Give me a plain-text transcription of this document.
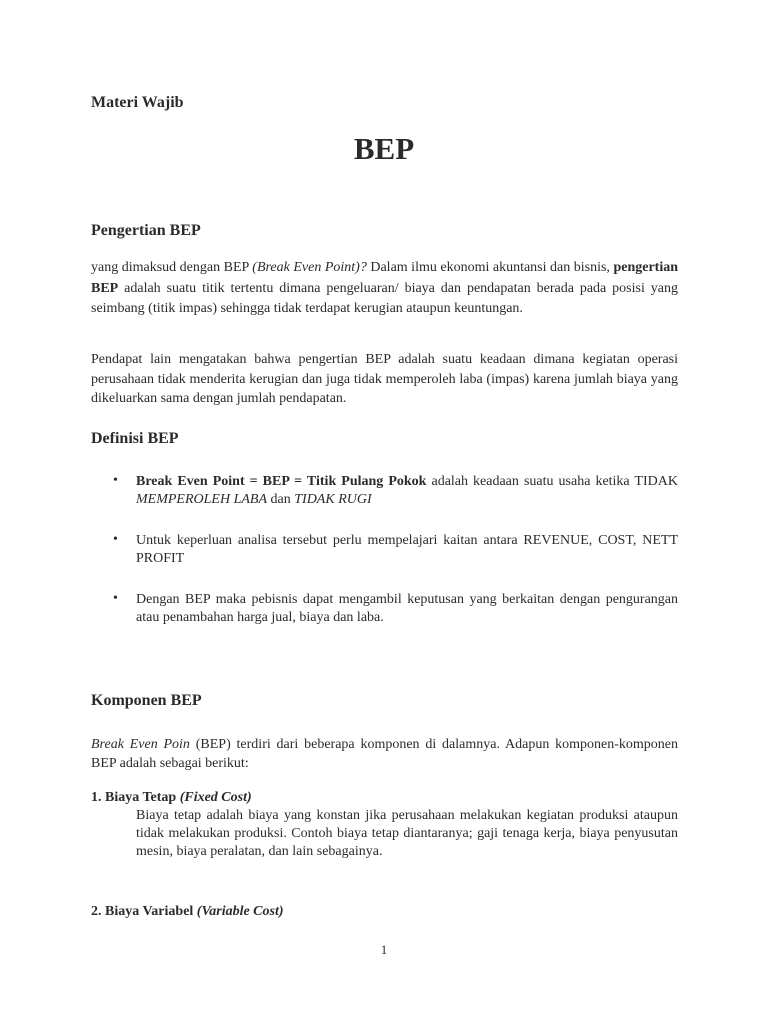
Materi Wajib
BEP
Pengertian BEP
yang dimaksud dengan BEP (Break Even Point)? Dalam ilmu ekonomi akuntansi dan bisnis, pengertian BEP adalah suatu titik tertentu dimana pengeluaran/ biaya dan pendapatan berada pada posisi yang seimbang (titik impas) sehingga tidak terdapat kerugian ataupun keuntungan.
Pendapat lain mengatakan bahwa pengertian BEP adalah suatu keadaan dimana kegiatan operasi perusahaan tidak menderita kerugian dan juga tidak memperoleh laba (impas) karena jumlah biaya yang dikeluarkan sama dengan jumlah pendapatan.
Definisi BEP
• Break Even Point = BEP = Titik Pulang Pokok adalah keadaan suatu usaha ketika TIDAK MEMPEROLEH LABA dan TIDAK RUGI
• Untuk keperluan analisa tersebut perlu mempelajari kaitan antara REVENUE, COST, NETT PROFIT
• Dengan BEP maka pebisnis dapat mengambil keputusan yang berkaitan dengan pengurangan atau penambahan harga jual, biaya dan laba.
Komponen BEP
Break Even Poin (BEP) terdiri dari beberapa komponen di dalamnya. Adapun komponen-komponen BEP adalah sebagai berikut:
1. Biaya Tetap (Fixed Cost)
Biaya tetap adalah biaya yang konstan jika perusahaan melakukan kegiatan produksi ataupun tidak melakukan produksi. Contoh biaya tetap diantaranya; gaji tenaga kerja, biaya penyusutan mesin, biaya peralatan, dan lain sebagainya.
2. Biaya Variabel (Variable Cost)
1
